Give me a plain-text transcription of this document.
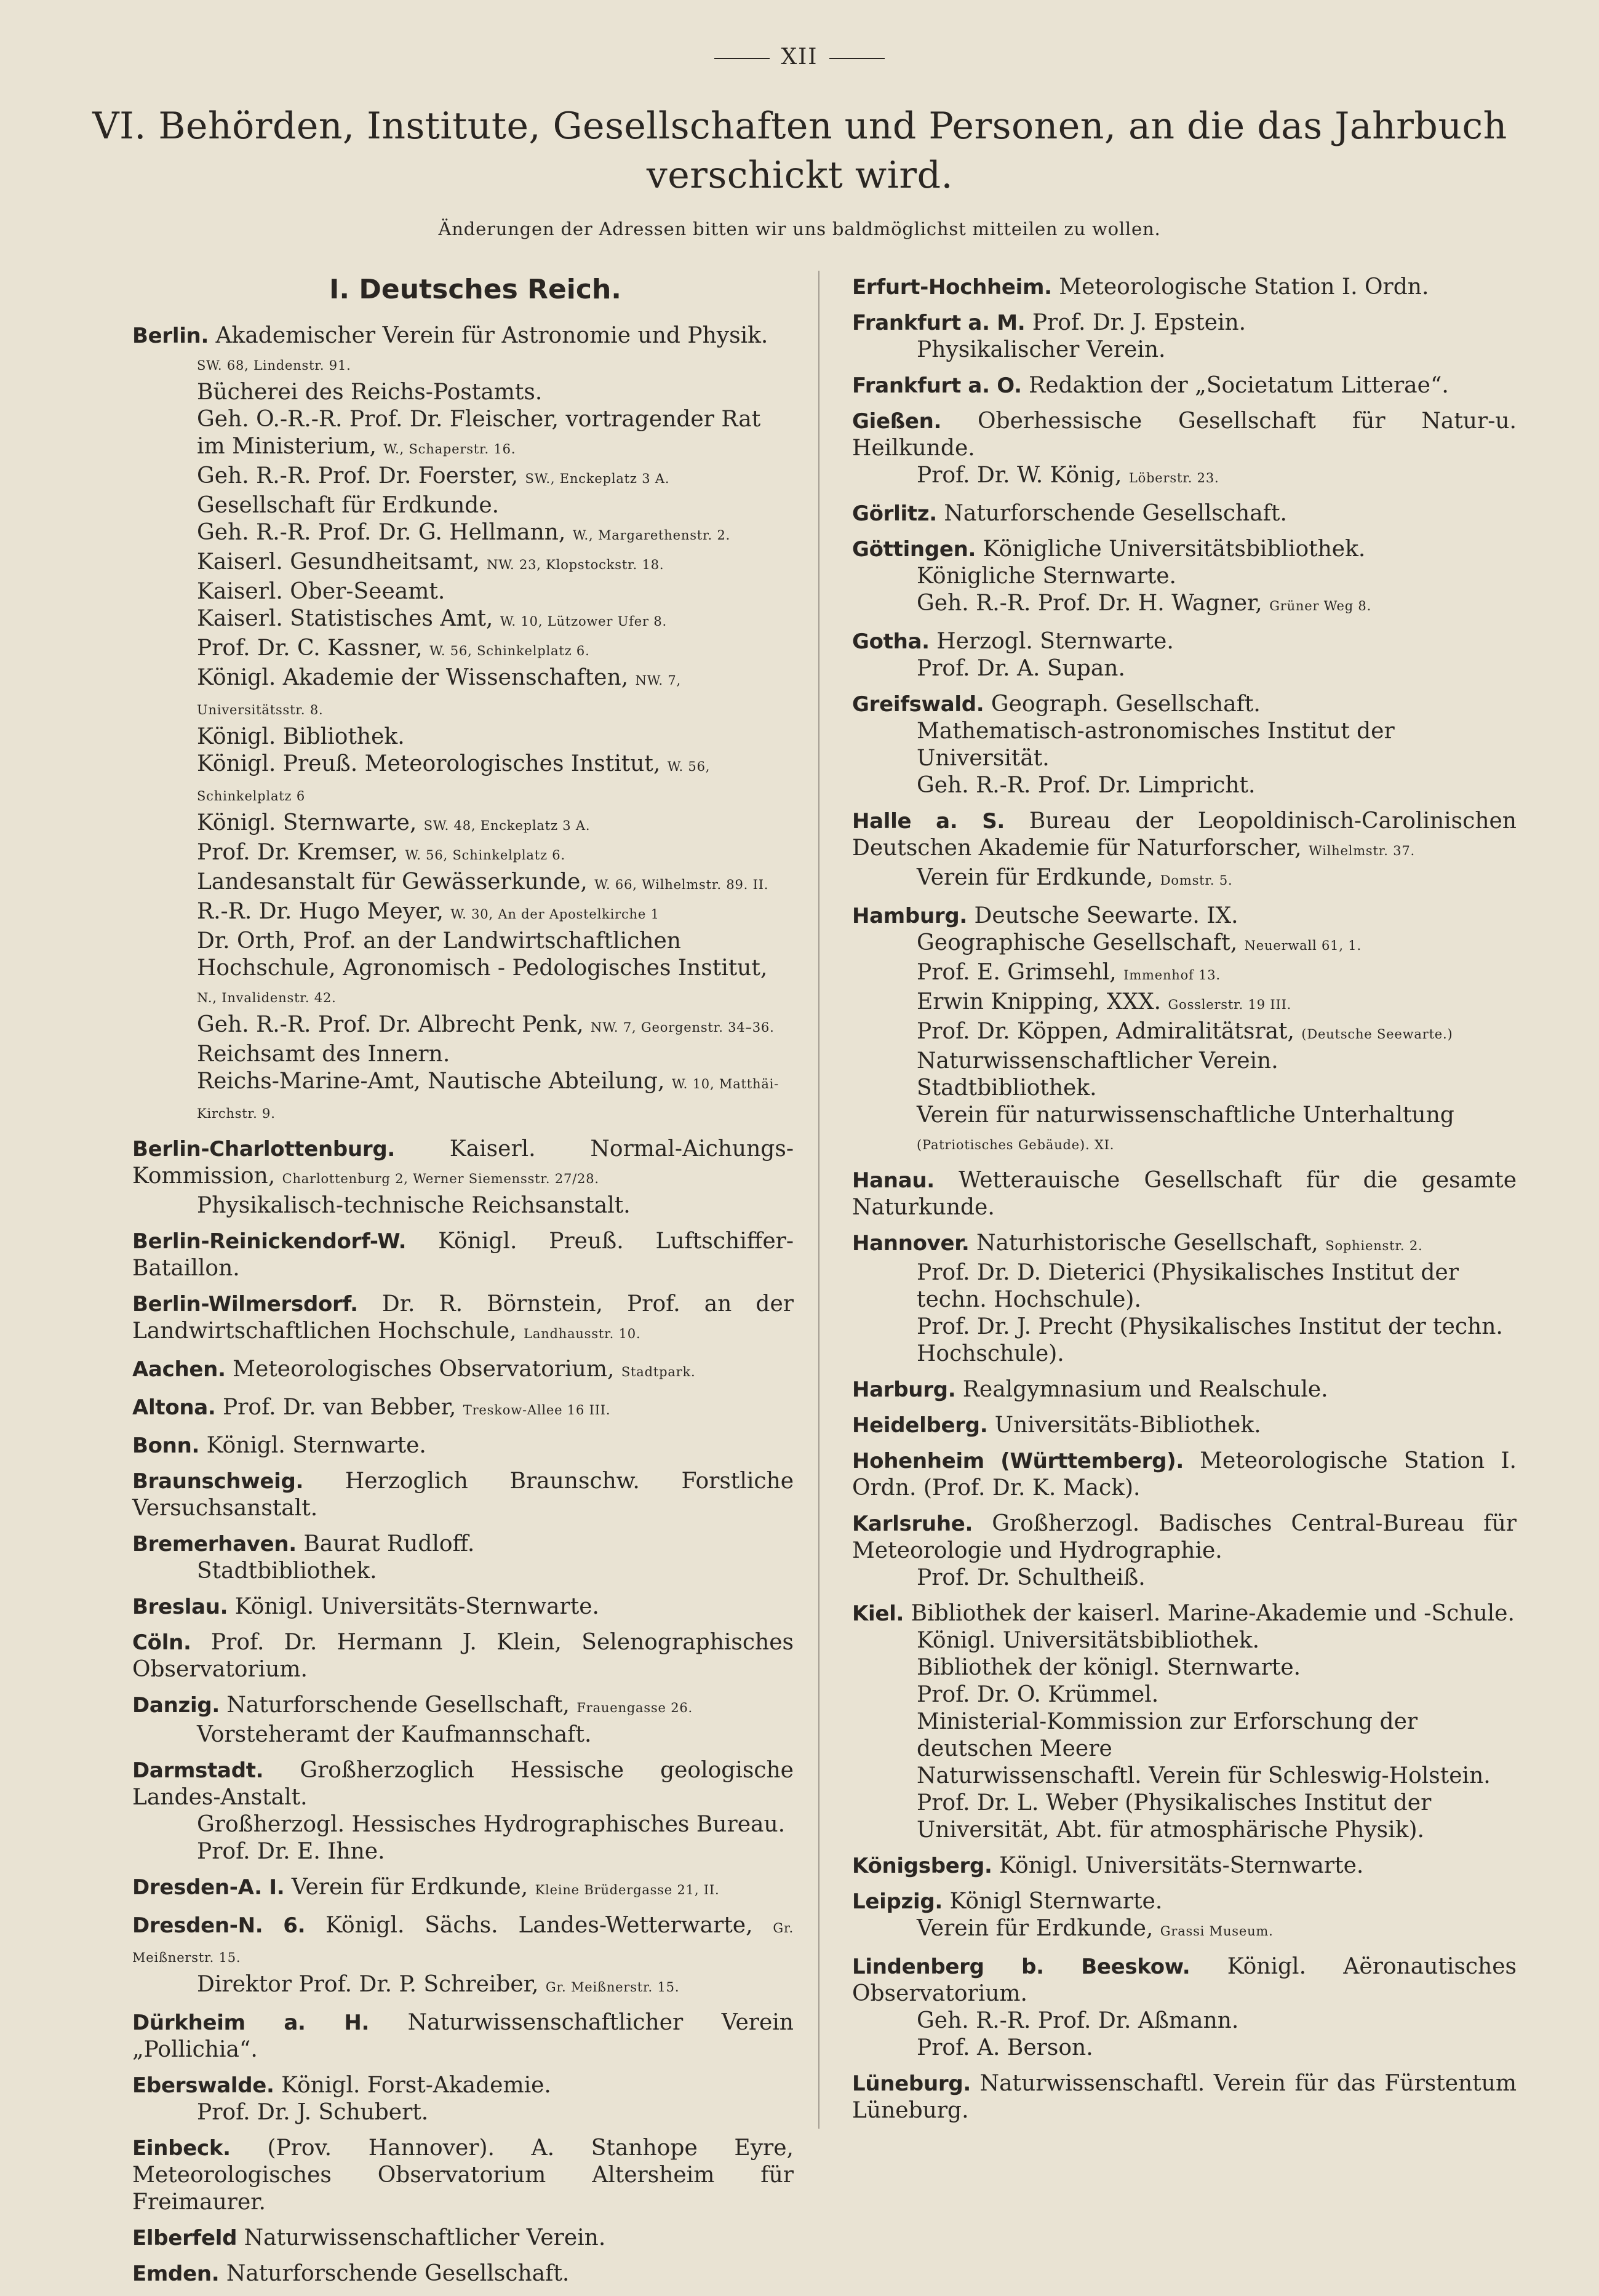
XII
VI. Behörden, Institute, Gesellschaften und Personen, an die das Jahrbuch verschickt wird.
Änderungen der Adressen bitten wir uns baldmöglichst mitteilen zu wollen.
I. Deutsches Reich.
Berlin. Akademischer Verein für Astronomie und Physik.
SW. 68, Lindenstr. 91.
Bücherei des Reichs-Postamts.
Geh. O.-R.-R. Prof. Dr. Fleischer, vortragender Rat im Ministerium, W., Schaperstr. 16.
Geh. R.-R. Prof. Dr. Foerster, SW., Enckeplatz 3 A.
Gesellschaft für Erdkunde.
Geh. R.-R. Prof. Dr. G. Hellmann, W., Margarethenstr. 2.
Kaiserl. Gesundheitsamt, NW. 23, Klopstockstr. 18.
Kaiserl. Ober-Seeamt.
Kaiserl. Statistisches Amt, W. 10, Lützower Ufer 8.
Prof. Dr. C. Kassner, W. 56, Schinkelplatz 6.
Königl. Akademie der Wissenschaften, NW. 7, Universitätsstr. 8.
Königl. Bibliothek.
Königl. Preuß. Meteorologisches Institut, W. 56, Schinkelplatz 6
Königl. Sternwarte, SW. 48, Enckeplatz 3 A.
Prof. Dr. Kremser, W. 56, Schinkelplatz 6.
Landesanstalt für Gewässerkunde, W. 66, Wilhelmstr. 89. II.
R.-R. Dr. Hugo Meyer, W. 30, An der Apostelkirche 1
Dr. Orth, Prof. an der Landwirtschaftlichen Hochschule, Agronomisch - Pedologisches Institut, N., Invalidenstr. 42.
Geh. R.-R. Prof. Dr. Albrecht Penk, NW. 7, Georgenstr. 34–36.
Reichsamt des Innern.
Reichs-Marine-Amt, Nautische Abteilung, W. 10, Matthäi-Kirchstr. 9.
Berlin-Charlottenburg. Kaiserl. Normal-Aichungs-Kommission, Charlottenburg 2, Werner Siemensstr. 27/28.
Physikalisch-technische Reichsanstalt.
Berlin-Reinickendorf-W. Königl. Preuß. Luftschiffer-Bataillon.
Berlin-Wilmersdorf. Dr. R. Börnstein, Prof. an der Landwirtschaftlichen Hochschule, Landhausstr. 10.
Aachen. Meteorologisches Observatorium, Stadtpark.
Altona. Prof. Dr. van Bebber, Treskow-Allee 16 III.
Bonn. Königl. Sternwarte.
Braunschweig. Herzoglich Braunschw. Forstliche Versuchsanstalt.
Bremerhaven. Baurat Rudloff.
Stadtbibliothek.
Breslau. Königl. Universitäts-Sternwarte.
Cöln. Prof. Dr. Hermann J. Klein, Selenographisches Observatorium.
Danzig. Naturforschende Gesellschaft, Frauengasse 26.
Vorsteheramt der Kaufmannschaft.
Darmstadt. Großherzoglich Hessische geologische Landes-Anstalt.
Großherzogl. Hessisches Hydrographisches Bureau.
Prof. Dr. E. Ihne.
Dresden-A. I. Verein für Erdkunde, Kleine Brüdergasse 21, II.
Dresden-N. 6. Königl. Sächs. Landes-Wetterwarte, Gr. Meißnerstr. 15.
Direktor Prof. Dr. P. Schreiber, Gr. Meißnerstr. 15.
Dürkheim a. H. Naturwissenschaftlicher Verein „Pollichia“.
Eberswalde. Königl. Forst-Akademie.
Prof. Dr. J. Schubert.
Einbeck. (Prov. Hannover). A. Stanhope Eyre, Meteorologisches Observatorium Altersheim für Freimaurer.
Elberfeld Naturwissenschaftlicher Verein.
Emden. Naturforschende Gesellschaft.
Erfurt-Hochheim. Meteorologische Station I. Ordn.
Frankfurt a. M. Prof. Dr. J. Epstein.
Physikalischer Verein.
Frankfurt a. O. Redaktion der „Societatum Litterae“.
Gießen. Oberhessische Gesellschaft für Natur-u. Heilkunde.
Prof. Dr. W. König, Löberstr. 23.
Görlitz. Naturforschende Gesellschaft.
Göttingen. Königliche Universitätsbibliothek.
Königliche Sternwarte.
Geh. R.-R. Prof. Dr. H. Wagner, Grüner Weg 8.
Gotha. Herzogl. Sternwarte.
Prof. Dr. A. Supan.
Greifswald. Geograph. Gesellschaft.
Mathematisch-astronomisches Institut der Universität.
Geh. R.-R. Prof. Dr. Limpricht.
Halle a. S. Bureau der Leopoldinisch-Carolinischen Deutschen Akademie für Naturforscher, Wilhelmstr. 37.
Verein für Erdkunde, Domstr. 5.
Hamburg. Deutsche Seewarte. IX.
Geographische Gesellschaft, Neuerwall 61, 1.
Prof. E. Grimsehl, Immenhof 13.
Erwin Knipping, XXX. Gosslerstr. 19 III.
Prof. Dr. Köppen, Admiralitätsrat, (Deutsche Seewarte.)
Naturwissenschaftlicher Verein.
Stadtbibliothek.
Verein für naturwissenschaftliche Unterhaltung (Patriotisches Gebäude). XI.
Hanau. Wetterauische Gesellschaft für die gesamte Naturkunde.
Hannover. Naturhistorische Gesellschaft, Sophienstr. 2.
Prof. Dr. D. Dieterici (Physikalisches Institut der techn. Hochschule).
Prof. Dr. J. Precht (Physikalisches Institut der techn. Hochschule).
Harburg. Realgymnasium und Realschule.
Heidelberg. Universitäts-Bibliothek.
Hohenheim (Württemberg). Meteorologische Station I. Ordn. (Prof. Dr. K. Mack).
Karlsruhe. Großherzogl. Badisches Central-Bureau für Meteorologie und Hydrographie.
Prof. Dr. Schultheiß.
Kiel. Bibliothek der kaiserl. Marine-Akademie und -Schule.
Königl. Universitätsbibliothek.
Bibliothek der königl. Sternwarte.
Prof. Dr. O. Krümmel.
Ministerial-Kommission zur Erforschung der deutschen Meere
Naturwissenschaftl. Verein für Schleswig-Holstein.
Prof. Dr. L. Weber (Physikalisches Institut der Universität, Abt. für atmosphärische Physik).
Königsberg. Königl. Universitäts-Sternwarte.
Leipzig. Königl Sternwarte.
Verein für Erdkunde, Grassi Museum.
Lindenberg b. Beeskow. Königl. Aëronautisches Observatorium.
Geh. R.-R. Prof. Dr. Aßmann.
Prof. A. Berson.
Lüneburg. Naturwissenschaftl. Verein für das Fürstentum Lüneburg.
